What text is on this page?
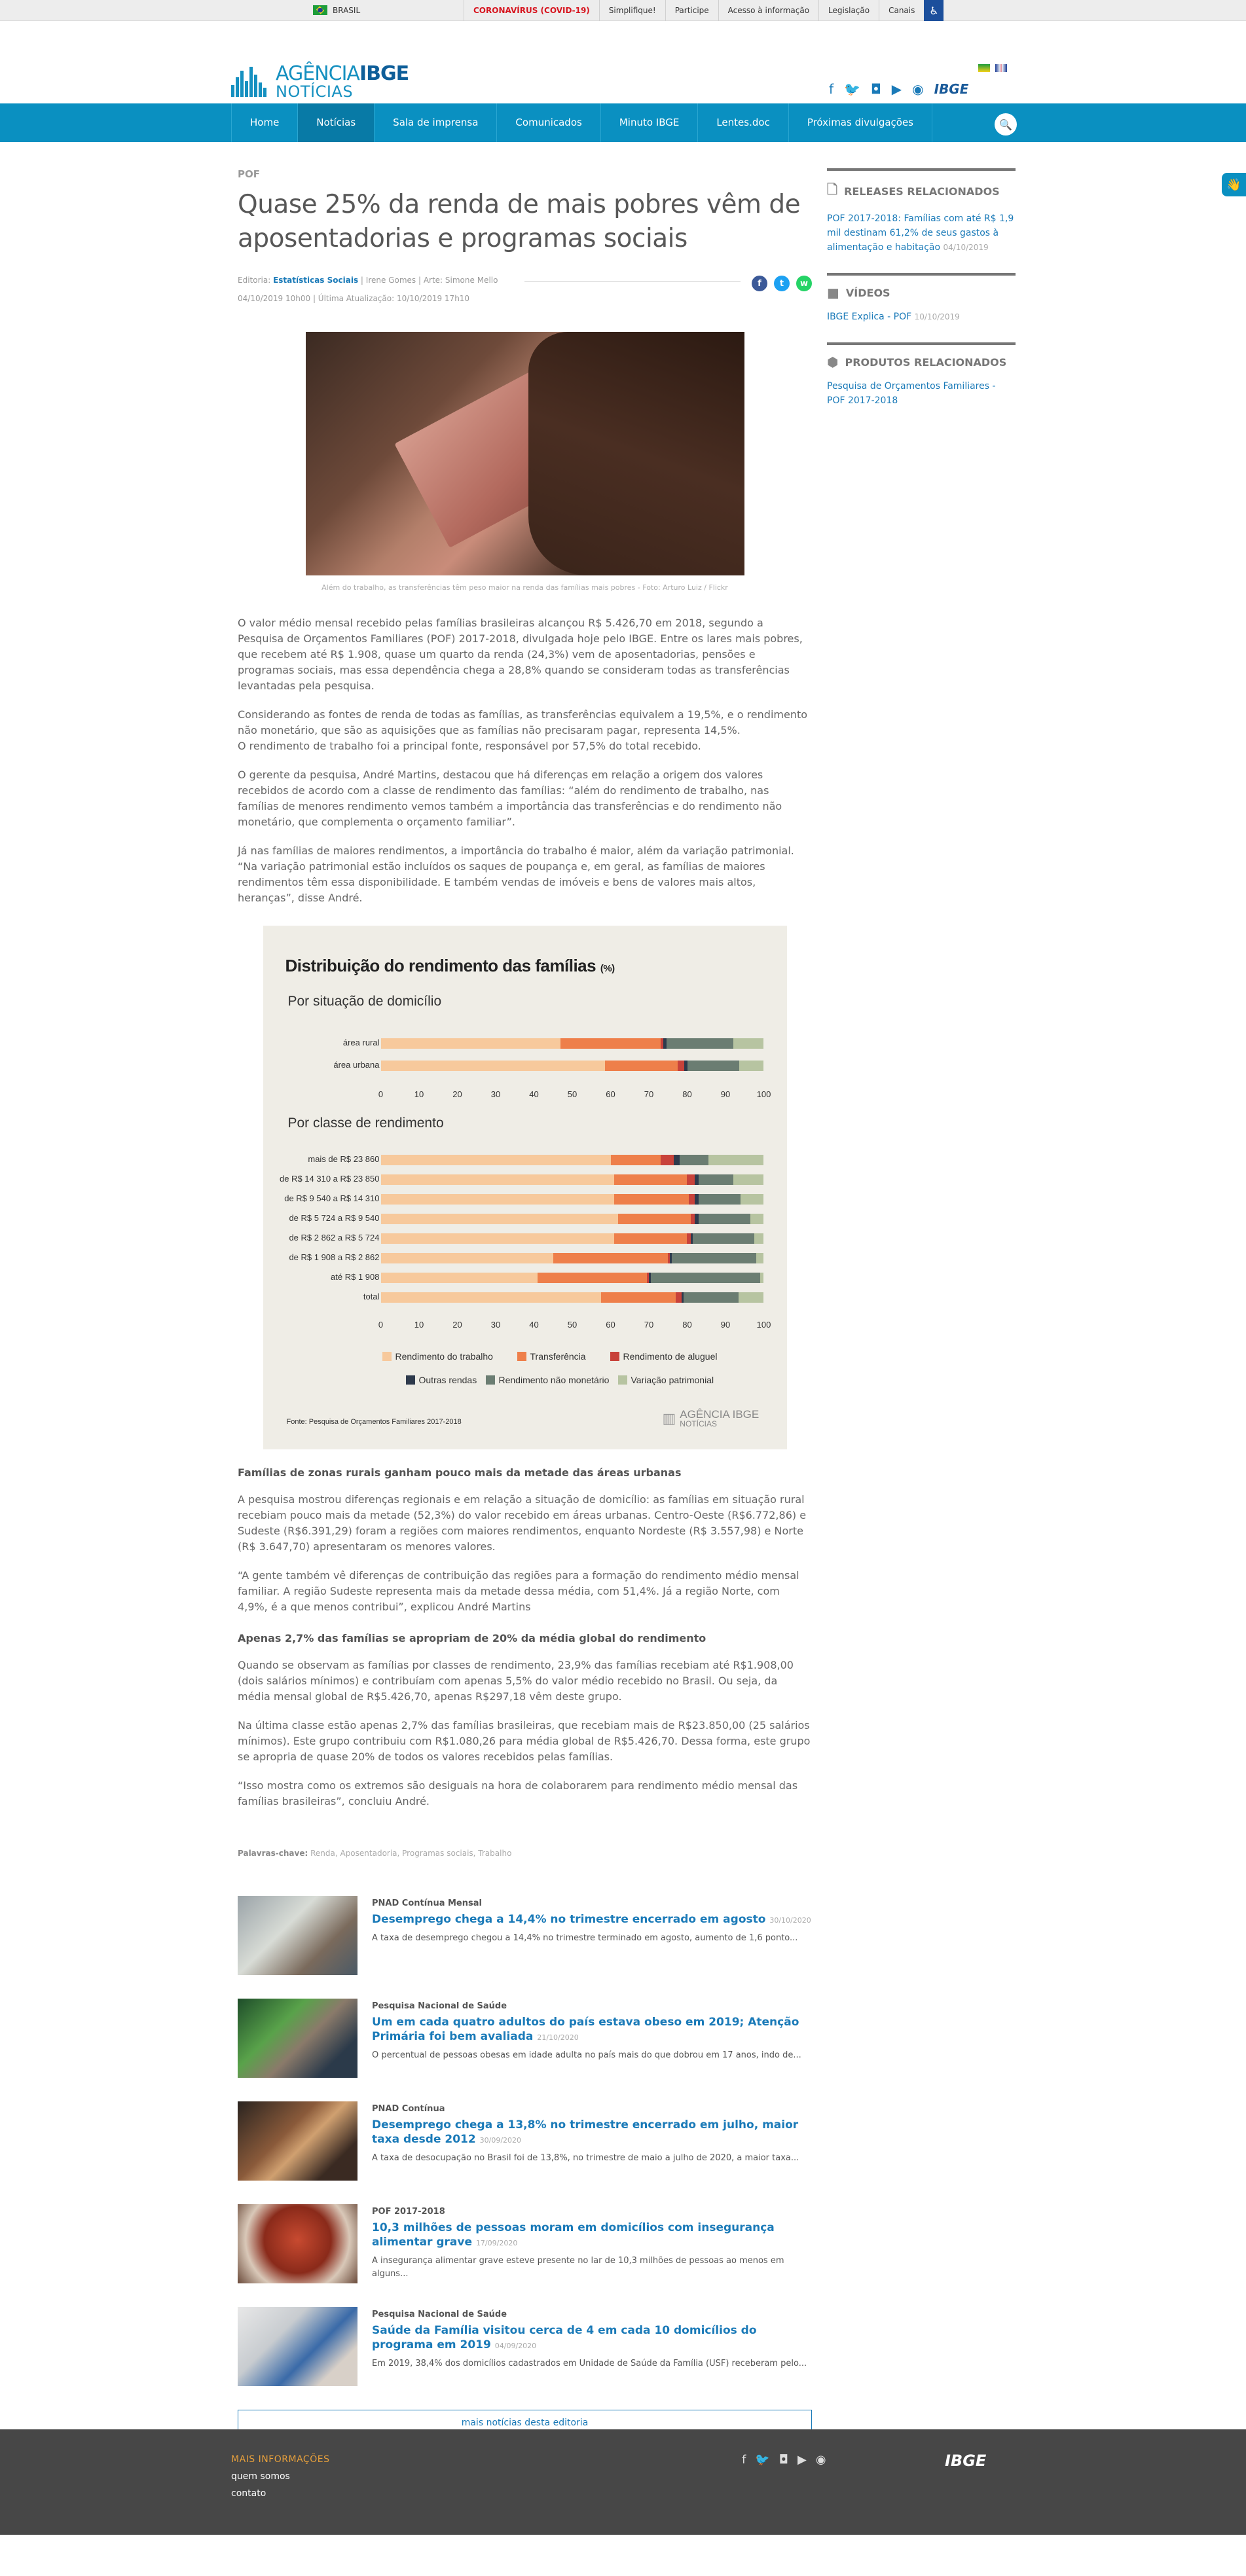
BRASIL	CORONAVÍRUS (COVID-19)	Simplifique!	Participe	Acesso à informação	Legislação	Canais	♿
AGÊNCIAIBGE
NOTÍCIAS	f 🐦 ◘ ▶ ◉ IBGE
Home	Notícias	Sala de imprensa	Comunicados	Minuto IBGE	Lentes.doc	Próximas divulgações	🔍
👋
POF
Quase 25% da renda de mais pobres vêm de aposentadorias e programas sociais
Editoria: Estatísticas Sociais | Irene Gomes | Arte: Simone Mello
04/10/2019 10h00 | Última Atualização: 10/10/2019 17h10
f	t	w
Além do trabalho, as transferências têm peso maior na renda das famílias mais pobres - Foto: Arturo Luiz / Flickr

O valor médio mensal recebido pelas famílias brasileiras alcançou R$ 5.426,70 em 2018, segundo a Pesquisa de Orçamentos Familiares (POF) 2017-2018, divulgada hoje pelo IBGE. Entre os lares mais pobres, que recebem até R$ 1.908, quase um quarto da renda (24,3%) vem de aposentadorias, pensões e programas sociais, mas essa dependência chega a 28,8% quando se consideram todas as transferências levantadas pela pesquisa.

Considerando as fontes de renda de todas as famílias, as transferências equivalem a 19,5%, e o rendimento não monetário, que são as aquisições que as famílias não precisaram pagar, representa 14,5%.
O rendimento de trabalho foi a principal fonte, responsável por 57,5% do total recebido.

O gerente da pesquisa, André Martins, destacou que há diferenças em relação a origem dos valores recebidos de acordo com a classe de rendimento das famílias: “além do rendimento de trabalho, nas famílias de menores rendimento vemos também a importância das transferências e do rendimento não monetário, que complementa o orçamento familiar”.

Já nas famílias de maiores rendimentos, a importância do trabalho é maior, além da variação patrimonial. “Na variação patrimonial estão incluídos os saques de poupança e, em geral, as famílias de maiores rendimentos têm essa disponibilidade. E também vendas de imóveis e bens de valores mais altos, heranças”, disse André.

Distribuição do rendimento das famílias (%)
Por situação de domicílio
Por classe de rendimento
Fonte: Pesquisa de Orçamentos Familiares 2017-2018	▥ AGÊNCIA IBGE
NOTÍCIAS
área rural
área urbana
0	10	20	30	40	50	60	70	80	90	100
mais de R$ 23 860
de R$ 14 310 a R$ 23 850
de R$ 9 540 a R$ 14 310
de R$ 5 724 a R$ 9 540
de R$ 2 862 a R$ 5 724
de R$ 1 908 a R$ 2 862
até R$ 1 908
total
0	10	20	30	40	50	60	70	80	90	100
Rendimento do trabalho	Transferência	Rendimento de aluguel
Outras rendas Rendimento não monetário Variação patrimonial
Famílias de zonas rurais ganham pouco mais da metade das áreas urbanas

A pesquisa mostrou diferenças regionais e em relação a situação de domicílio: as famílias em situação rural recebiam pouco mais da metade (52,3%) do valor recebido em áreas urbanas. Centro-Oeste (R$6.772,86) e Sudeste (R$6.391,29) foram a regiões com maiores rendimentos, enquanto Nordeste (R$ 3.557,98) e Norte (R$ 3.647,70) apresentaram os menores valores.

“A gente também vê diferenças de contribuição das regiões para a formação do rendimento médio mensal familiar. A região Sudeste representa mais da metade dessa média, com 51,4%. Já a região Norte, com 4,9%, é a que menos contribui”, explicou André Martins

Apenas 2,7% das famílias se apropriam de 20% da média global do rendimento

Quando se observam as famílias por classes de rendimento, 23,9% das famílias recebiam até R$1.908,00 (dois salários mínimos) e contribuíam com apenas 5,5% do valor médio recebido no Brasil. Ou seja, da média mensal global de R$5.426,70, apenas R$297,18 vêm deste grupo.

Na última classe estão apenas 2,7% das famílias brasileiras, que recebiam mais de R$23.850,00 (25 salários mínimos). Este grupo contribuiu com R$1.080,26 para média global de R$5.426,70. Dessa forma, este grupo se apropria de quase 20% de todos os valores recebidos pelas famílias.

“Isso mostra como os extremos são desiguais na hora de colaborarem para rendimento médio mensal das famílias brasileiras”, concluiu André.

Palavras-chave: Renda, Aposentadoria, Programas sociais, Trabalho
PNAD Contínua Mensal
Desemprego chega a 14,4% no trimestre encerrado em agosto 30/10/2020
A taxa de desemprego chegou a 14,4% no trimestre terminado em agosto, aumento de 1,6 ponto...
Pesquisa Nacional de Saúde
Um em cada quatro adultos do país estava obeso em 2019; Atenção Primária foi bem avaliada 21/10/2020
O percentual de pessoas obesas em idade adulta no país mais do que dobrou em 17 anos, indo de...
PNAD Contínua
Desemprego chega a 13,8% no trimestre encerrado em julho, maior taxa desde 2012 30/09/2020
A taxa de desocupação no Brasil foi de 13,8%, no trimestre de maio a julho de 2020, a maior taxa...
POF 2017-2018
10,3 milhões de pessoas moram em domicílios com insegurança alimentar grave 17/09/2020
A insegurança alimentar grave esteve presente no lar de 10,3 milhões de pessoas ao menos em alguns...
Pesquisa Nacional de Saúde
Saúde da Família visitou cerca de 4 em cada 10 domicílios do programa em 2019 04/09/2020
Em 2019, 38,4% dos domicílios cadastrados em Unidade de Saúde da Família (USF) receberam pelo...
mais notícias desta editoria
🗋 RELEASES RELACIONADOS
POF 2017-2018: Famílias com até R$ 1,9 mil destinam 61,2% de seus gastos à alimentação e habitação 04/10/2019
■ VÍDEOS
IBGE Explica - POF 10/10/2019
⬢ PRODUTOS RELACIONADOS
Pesquisa de Orçamentos Familiares - POF 2017-2018
MAIS INFORMAÇÕES
quem somos
contato
f 🐦 ◘ ▶ ◉	IBGE
